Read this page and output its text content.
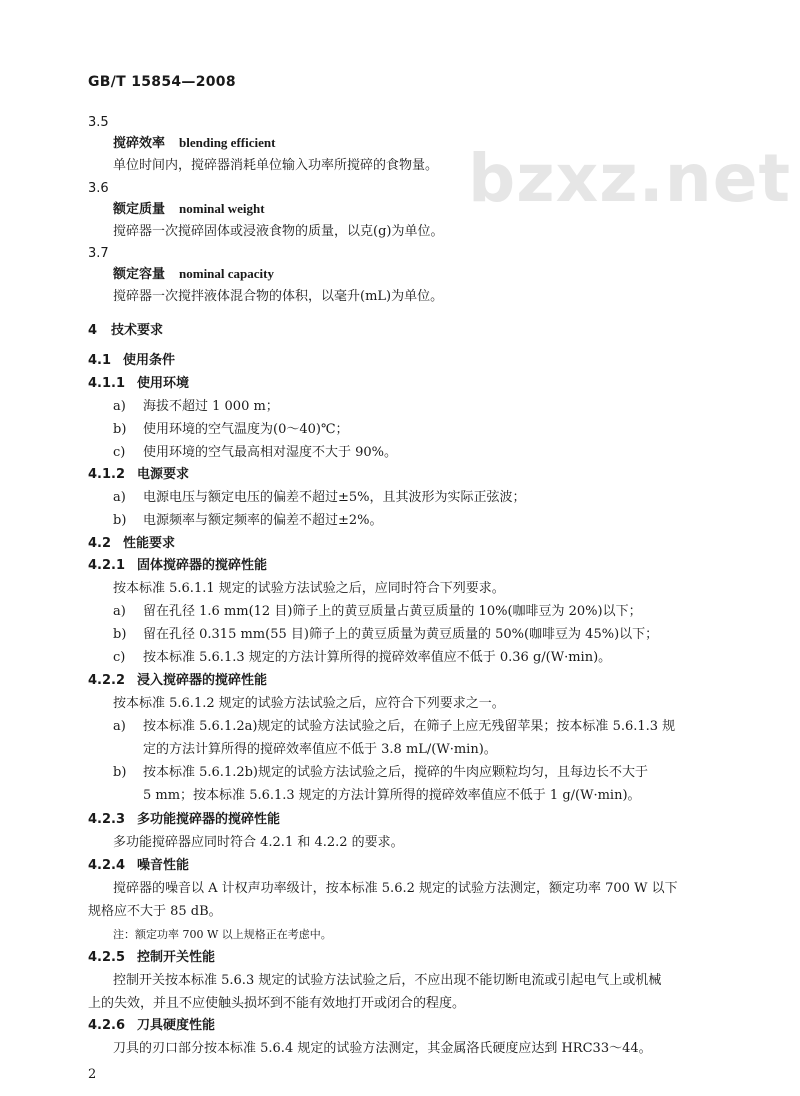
bzxz.net
GB/T 15854—2008
3.5
搅碎效率 blending efficient
单位时间内，搅碎器消耗单位输入功率所搅碎的食物量。
3.6
额定质量 nominal weight
搅碎器一次搅碎固体或浸液食物的质量，以克(g)为单位。
3.7
额定容量 nominal capacity
搅碎器一次搅拌液体混合物的体积，以毫升(mL)为单位。
4 技术要求
4.1 使用条件
4.1.1 使用环境
a) 海拔不超过 1 000 m；
b) 使用环境的空气温度为(0～40)℃；
c) 使用环境的空气最高相对湿度不大于 90%。
4.1.2 电源要求
a) 电源电压与额定电压的偏差不超过±5%，且其波形为实际正弦波；
b) 电源频率与额定频率的偏差不超过±2%。
4.2 性能要求
4.2.1 固体搅碎器的搅碎性能
按本标准 5.6.1.1 规定的试验方法试验之后，应同时符合下列要求。
a) 留在孔径 1.6 mm(12 目)筛子上的黄豆质量占黄豆质量的 10%(咖啡豆为 20%)以下；
b) 留在孔径 0.315 mm(55 目)筛子上的黄豆质量为黄豆质量的 50%(咖啡豆为 45%)以下；
c) 按本标准 5.6.1.3 规定的方法计算所得的搅碎效率值应不低于 0.36 g/(W·min)。
4.2.2 浸入搅碎器的搅碎性能
按本标准 5.6.1.2 规定的试验方法试验之后，应符合下列要求之一。
a) 按本标准 5.6.1.2a)规定的试验方法试验之后，在筛子上应无残留苹果；按本标准 5.6.1.3 规
定的方法计算所得的搅碎效率值应不低于 3.8 mL/(W·min)。
b) 按本标准 5.6.1.2b)规定的试验方法试验之后，搅碎的牛肉应颗粒均匀，且每边长不大于
5 mm；按本标准 5.6.1.3 规定的方法计算所得的搅碎效率值应不低于 1 g/(W·min)。
4.2.3 多功能搅碎器的搅碎性能
多功能搅碎器应同时符合 4.2.1 和 4.2.2 的要求。
4.2.4 噪音性能
搅碎器的噪音以 A 计权声功率级计，按本标准 5.6.2 规定的试验方法测定，额定功率 700 W 以下
规格应不大于 85 dB。
注：额定功率 700 W 以上规格正在考虑中。
4.2.5 控制开关性能
控制开关按本标准 5.6.3 规定的试验方法试验之后，不应出现不能切断电流或引起电气上或机械
上的失效，并且不应使触头损坏到不能有效地打开或闭合的程度。
4.2.6 刀具硬度性能
刀具的刃口部分按本标准 5.6.4 规定的试验方法测定，其金属洛氏硬度应达到 HRC33～44。
2
